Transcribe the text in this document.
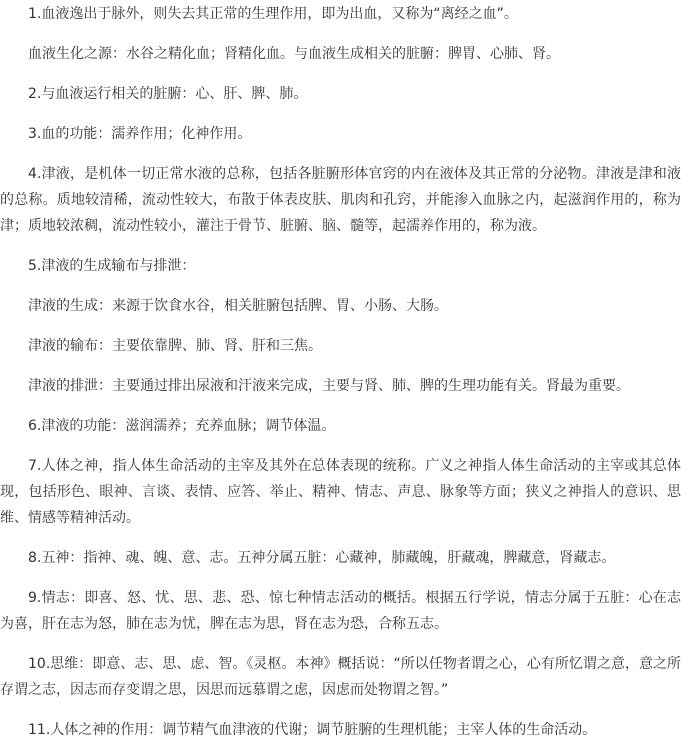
1.血液逸出于脉外，则失去其正常的生理作用，即为出血，又称为“离经之血”。

血液生化之源：水谷之精化血；肾精化血。与血液生成相关的脏腑：脾胃、心肺、肾。

2.与血液运行相关的脏腑：心、肝、脾、肺。

3.血的功能：濡养作用；化神作用。

4.津液，是机体一切正常水液的总称，包括各脏腑形体官窍的内在液体及其正常的分泌物。津液是津和液的总称。质地较清稀，流动性较大，布散于体表皮肤、肌肉和孔窍，并能渗入血脉之内，起滋润作用的，称为津；质地较浓稠，流动性较小，灌注于骨节、脏腑、脑、髓等，起濡养作用的，称为液。

5.津液的生成输布与排泄：

津液的生成：来源于饮食水谷，相关脏腑包括脾、胃、小肠、大肠。

津液的输布：主要依靠脾、肺、肾、肝和三焦。

津液的排泄：主要通过排出尿液和汗液来完成，主要与肾、肺、脾的生理功能有关。肾最为重要。

6.津液的功能：滋润濡养；充养血脉；调节体温。

7.人体之神，指人体生命活动的主宰及其外在总体表现的统称。广义之神指人体生命活动的主宰或其总体现，包括形色、眼神、言谈、表情、应答、举止、精神、情志、声息、脉象等方面；狭义之神指人的意识、思维、情感等精神活动。

8.五神：指神、魂、魄、意、志。五神分属五脏：心藏神，肺藏魄，肝藏魂，脾藏意，肾藏志。

9.情志：即喜、怒、忧、思、悲、恐、惊七种情志活动的概括。根据五行学说，情志分属于五脏：心在志为喜，肝在志为怒，肺在志为忧，脾在志为思，肾在志为恐，合称五志。

10.思维：即意、志、思、虑、智。《灵枢。本神》概括说：“所以任物者谓之心，心有所忆谓之意，意之所存谓之志，因志而存变谓之思，因思而远慕谓之虑，因虑而处物谓之智。”

11.人体之神的作用：调节精气血津液的代谢；调节脏腑的生理机能；主宰人体的生命活动。
